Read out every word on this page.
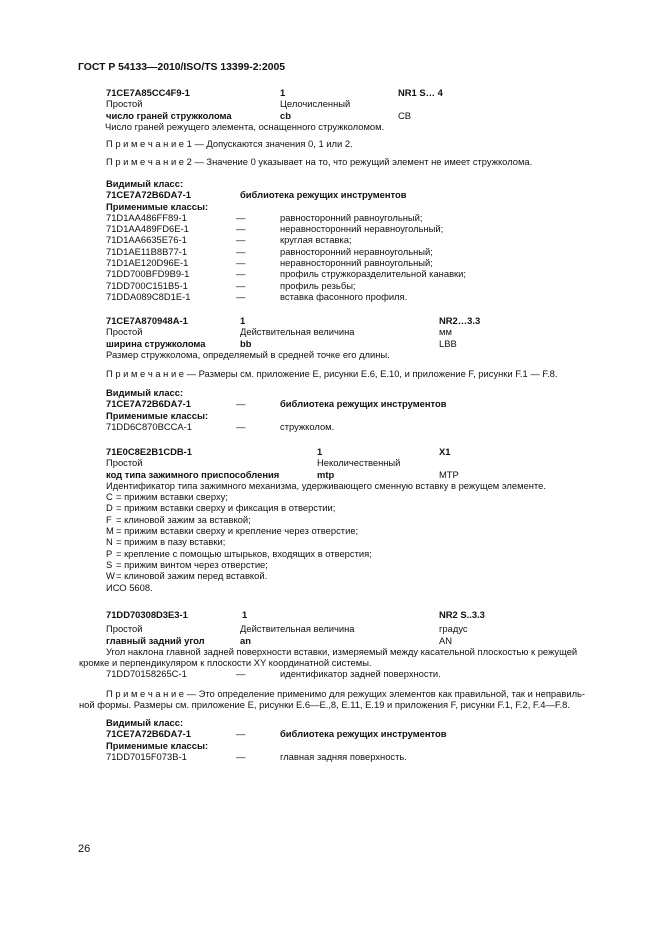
ГОСТ Р 54133—2010/ISO/TS 13399-2:2005
71CE7A85CC4F9-1	1	NR1 S… 4
Простой	Целочисленный
число граней стружколома	cb	CB
Число граней режущего элемента, оснащенного стружколомом.
П р и м е ч а н и е 1 — Допускаются значения 0, 1 или 2.
П р и м е ч а н и е 2 — Значение 0 указывает на то, что режущий элемент не имеет стружколома.
Видимый класс:
71CE7A72B6DA7-1	библиотека режущих инструментов
Применимые классы:
71D1AA486FF89-1	—	равносторонний равноугольный;
71D1AA489FD6E-1	—	неравносторонний неравноугольный;
71D1AA6635E76-1	—	круглая вставка;
71D1AE11B8B77-1	—	равносторонний неравноугольный;
71D1AE120D96E-1	—	неравносторонний равноугольный;
71DD700BFD9B9-1	—	профиль стружкоразделительной канавки;
71DD700C151B5-1	—	профиль резьбы;
71DDA089C8D1E-1	—	вставка фасонного профиля.
71CE7A870948A-1	1	NR2…3.3
Простой	Действительная величина	мм
ширина стружколома	bb	LBB
Размер стружколома, определяемый в средней точке его длины.
П р и м е ч а н и е — Размеры см. приложение E, рисунки E.6, E.10, и приложение F, рисунки F.1 — F.8.
Видимый класс:
71CE7A72B6DA7-1	—	библиотека режущих инструментов
Применимые классы:
71DD6C870BCCA-1	—	стружколом.
71E0C8E2B1CDB-1	1	X1
Простой	Неколичественный
код типа зажимного приспособления	mtp	MTP
Идентификатор типа зажимного механизма, удерживающего сменную вставку в режущем элементе.
C = прижим вставки сверху;
D = прижим вставки сверху и фиксация в отверстии;
F = клиновой зажим за вставкой;
M = прижим вставки сверху и крепление через отверстие;
N = прижим в пазу вставки;
P = крепление с помощью штырьков, входящих в отверстия;
S = прижим винтом через отверстие;
W = клиновой зажим перед вставкой.
ИСО 5608.
71DD70308D3E3-1	1	NR2 S..3.3
Простой	Действительная величина	градус
главный задний угол	an	AN
Угол наклона главной задней поверхности вставки, измеряемый между касательной плоскостью к режущей
кромке и перпендикуляром к плоскости XY координатной системы.
71DD70158265C-1	—	идентификатор задней поверхности.
П р и м е ч а н и е — Это определение применимо для режущих элементов как правильной, так и неправиль-
ной формы. Размеры см. приложение E, рисунки E.6—E.,8, E.11, E.19 и приложения F, рисунки F.1, F.2, F.4—F.8.
Видимый класс:
71CE7A72B6DA7-1	—	библиотека режущих инструментов
Применимые классы:
71DD7015F073B-1	—	главная задняя поверхность.
26
